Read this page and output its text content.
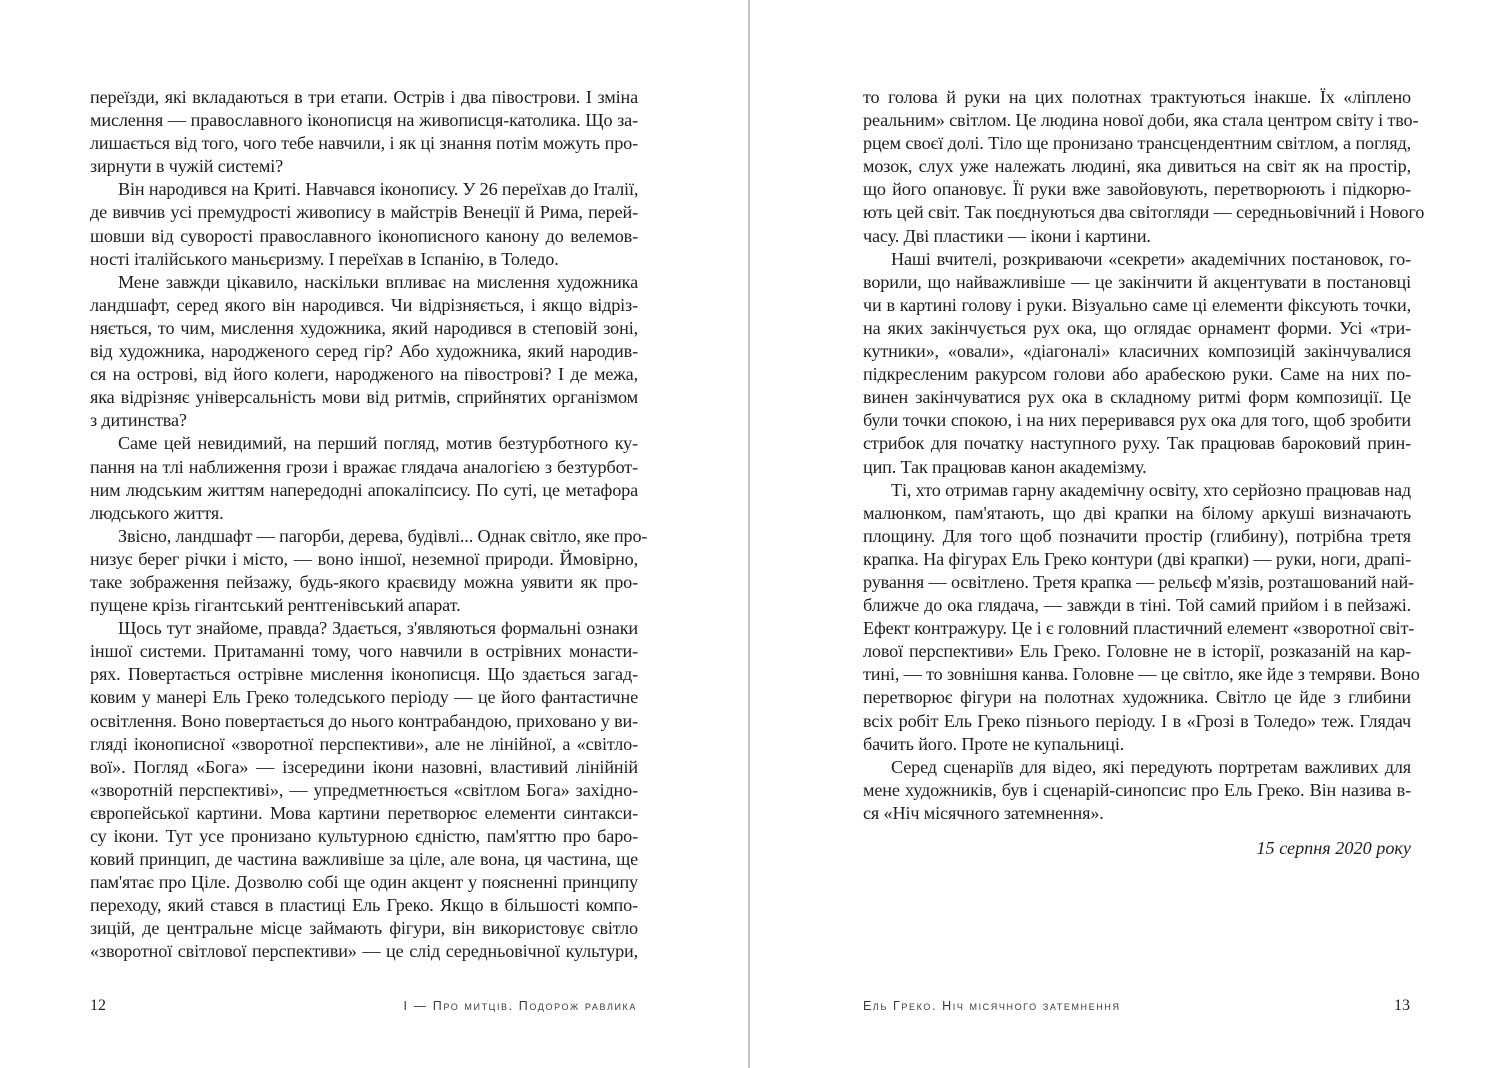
переїзди, які вкладаються в три етапи. Острів і два півострови. І зміна
мислення — православного іконописця на живописця-католика. Що за-
лишається від того, чого тебе навчили, і як ці знання потім можуть про-
зирнути в чужій системі?
Він народився на Криті. Навчався іконопису. У 26 переїхав до Італії,
де вивчив усі премудрості живопису в майстрів Венеції й Рима, перей-
шовши від суворості православного іконописного канону до велемов-
ності італійського маньєризму. І переїхав в Іспанію, в Толедо.
Мене завжди цікавило, наскільки впливає на мислення художника
ландшафт, серед якого він народився. Чи відрізняється, і якщо відріз-
няється, то чим, мислення художника, який народився в степовій зоні,
від художника, народженого серед гір? Або художника, який народив-
ся на острові, від його колеги, народженого на півострові? І де межа,
яка відрізняє універсальність мови від ритмів, сприйнятих організмом
з дитинства?
Саме цей невидимий, на перший погляд, мотив безтурботного ку-
пання на тлі наближення грози і вражає глядача аналогією з безтурбот-
ним людським життям напередодні апокаліпсису. По суті, це метафора
людського життя.
Звісно, ландшафт — пагорби, дерева, будівлі... Однак світло, яке про-
низує берег річки і місто, — воно іншої, неземної природи. Ймовірно,
таке зображення пейзажу, будь-якого краєвиду можна уявити як про-
пущене крізь гігантський рентгенівський апарат.
Щось тут знайоме, правда? Здається, з'являються формальні ознаки
іншої системи. Притаманні тому, чого навчили в острівних монасти-
рях. Повертається острівне мислення іконописця. Що здається загад-
ковим у манері Ель Греко толедського періоду — це його фантастичне
освітлення. Воно повертається до нього контрабандою, приховано у ви-
гляді іконописної «зворотної перспективи», але не лінійної, а «світло-
вої». Погляд «Бога» — ізсередини ікони назовні, властивий лінійній
«зворотній перспективі», — упредметнюється «світлом Бога» західно-
європейської картини. Мова картини перетворює елементи синтакси-
су ікони. Тут усе пронизано культурною єдністю, пам'яттю про баро-
ковий принцип, де частина важливіше за ціле, але вона, ця частина, ще
пам'ятає про Ціле. Дозволю собі ще один акцент у поясненні принципу
переходу, який стався в пластиці Ель Греко. Якщо в більшості компо-
зицій, де центральне місце займають фігури, він використовує світло
«зворотної світлової перспективи» — це слід середньовічної культури,
12	I — Про митців. Подорож равлика
то голова й руки на цих полотнах трактуються інакше. Їх «ліплено
реальним» світлом. Це людина нової доби, яка стала центром світу і тво-
рцем своєї долі. Тіло ще пронизано трансцендентним світлом, а погляд,
мозок, слух уже належать людині, яка дивиться на світ як на простір,
що його опановує. Її руки вже завойовують, перетворюють і підкорю-
ють цей світ. Так поєднуються два світогляди — середньовічний і Нового
часу. Дві пластики — ікони і картини.
Наші вчителі, розкриваючи «секрети» академічних постановок, го-
ворили, що найважливіше — це закінчити й акцентувати в постановці
чи в картині голову і руки. Візуально саме ці елементи фіксують точки,
на яких закінчується рух ока, що оглядає орнамент форми. Усі «три-
кутники», «овали», «діагоналі» класичних композицій закінчувалися
підкресленим ракурсом голови або арабескою руки. Саме на них по-
винен закінчуватися рух ока в складному ритмі форм композиції. Це
були точки спокою, і на них переривався рух ока для того, щоб зробити
стрибок для початку наступного руху. Так працював бароковий прин-
цип. Так працював канон академізму.
Ті, хто отримав гарну академічну освіту, хто серйозно працював над
малюнком, пам'ятають, що дві крапки на білому аркуші визначають
площину. Для того щоб позначити простір (глибину), потрібна третя
крапка. На фігурах Ель Греко контури (дві крапки) — руки, ноги, драпі-
рування — освітлено. Третя крапка — рельєф м'язів, розташований най-
ближче до ока глядача, — завжди в тіні. Той самий прийом і в пейзажі.
Ефект контражуру. Це і є головний пластичний елемент «зворотної світ-
лової перспективи» Ель Греко. Головне не в історії, розказаній на кар-
тині, — то зовнішня канва. Головне — це світло, яке йде з темряви. Воно
перетворює фігури на полотнах художника. Світло це йде з глибини
всіх робіт Ель Греко пізнього періоду. І в «Грозі в Толедо» теж. Глядач
бачить його. Проте не купальниці.
Серед сценаріїв для відео, які передують портретам важливих для
мене художників, був і сценарій-синопсис про Ель Греко. Він назива в-
ся «Ніч місячного затемнення».
15 серпня 2020 року
Ель Греко. Ніч місячного затемнення	13
